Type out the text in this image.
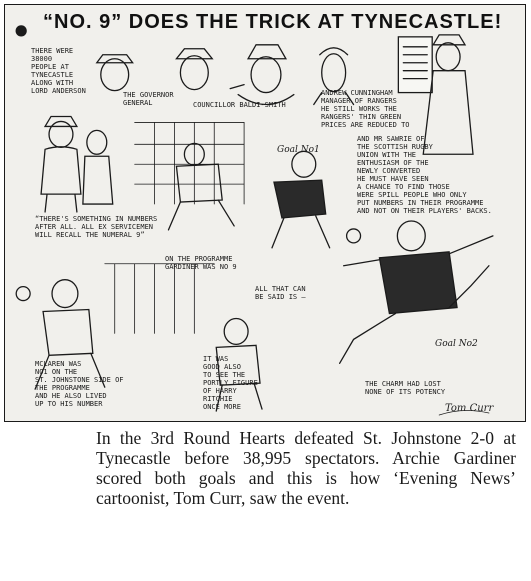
“NO. 9” DOES THE TRICK AT TYNECASTLE!
THERE WERE
38000
PEOPLE AT
TYNECASTLE
ALONG WITH
LORD ANDERSON	THE GOVERNOR
GENERAL	COUNCILLOR BALDI-SMITH
ANDREW CUNNINGHAM
MANAGER OF RANGERS
HE STILL WORKS THE
RANGERS' THIN GREEN
PRICES ARE REDUCED TO
AND MR SAWRIE OF
THE SCOTTISH RUGBY
UNION WITH THE
ENTHUSIASM OF THE
NEWLY CONVERTED
HE MUST HAVE SEEN
A CHANCE TO FIND THOSE
WERE SPILL PEOPLE WHO ONLY
PUT NUMBERS IN THEIR PROGRAMME
AND NOT ON THEIR PLAYERS' BACKS.
“THERE'S SOMETHING IN NUMBERS
AFTER ALL. ALL EX SERVICEMEN
WILL RECALL THE NUMERAL 9”
ON THE PROGRAMME
GARDINER WAS NO 9
ALL THAT CAN
BE SAID IS —
MCLAREN WAS
NO1 ON THE
ST. JOHNSTONE SIDE OF
THE PROGRAMME
AND HE ALSO LIVED
UP TO HIS NUMBER
IT WAS
GOOD ALSO
TO SEE THE
PORTLY FIGURE
OF HARRY
RITCHIE
ONCE MORE
THE CHARM HAD LOST
NONE OF ITS POTENCY
Goal No1
Goal No2
Tom Curr
In the 3rd Round Hearts defeated St. Johnstone 2-0 at Tynecastle before 38,995 spectators. Archie Gardiner scored both goals and this is how ‘Evening News’ cartoonist, Tom Curr, saw the event.
